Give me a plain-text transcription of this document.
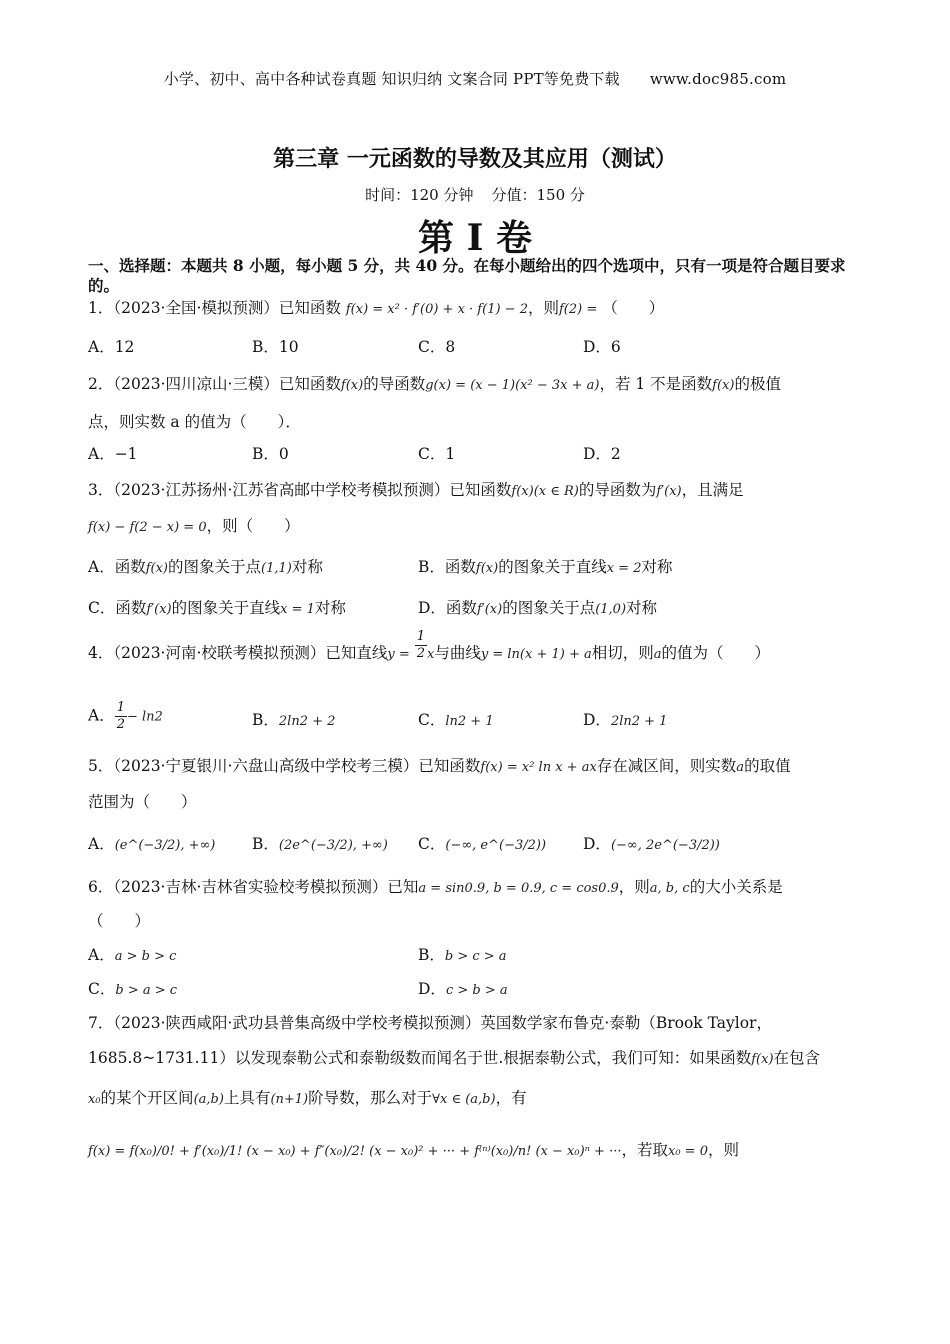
小学、初中、高中各种试卷真题 知识归纳 文案合同 PPT等免费下载 www.doc985.com
第三章 一元函数的导数及其应用（测试）
时间：120 分钟 分值：150 分
第 I 卷
一、选择题：本题共 8 小题，每小题 5 分，共 40 分。在每小题给出的四个选项中，只有一项是符合题目要求的。
1．（2023·全国·模拟预测）已知函数 f(x) = x² · f′(0) + x · f(1) − 2，则f(2) = （　　）
A．12	B．10	C．8	D．6
2．（2023·四川凉山·三模）已知函数f(x)的导函数g(x) = (x − 1)(x² − 3x + a)，若 1 不是函数f(x)的极值
点，则实数 a 的值为（　　）．
A．−1	B．0	C．1	D．2
3．（2023·江苏扬州·江苏省高邮中学校考模拟预测）已知函数f(x)(x ∈ R)的导函数为f′(x)，且满足
f(x) − f(2 − x) = 0，则（　　）
A．函数f(x)的图象关于点(1,1)对称	B．函数f(x)的图象关于直线x = 2对称
C．函数f′(x)的图象关于直线x = 1对称	D．函数f′(x)的图象关于点(1,0)对称
4．（2023·河南·校联考模拟预测）已知直线$y = \frac{1}{2}$ x与曲线y = ln(x + 1) + a相切，则a的值为（　　）
A． $\frac{1}{2} - \ln 2$	B．2ln2 + 2	C．ln2 + 1	D．2ln2 + 1
5．（2023·宁夏银川·六盘山高级中学校考三模）已知函数f(x) = x² ln x + ax存在减区间，则实数a的取值
范围为（　　）
A．(e^(−3/2), +∞) B．(2e^(−3/2), +∞) C．(−∞, e^(−3/2)) D．(−∞, 2e^(−3/2))
6．（2023·吉林·吉林省实验校考模拟预测）已知a = sin0.9, b = 0.9, c = cos0.9，则a, b, c的大小关系是
（　　）
A．a > b > c	B．b > c > a
C．b > a > c	D．c > b > a
7．（2023·陕西咸阳·武功县普集高级中学校考模拟预测）英国数学家布鲁克·泰勒（Brook Taylor，
1685.8~1731.11）以发现泰勒公式和泰勒级数而闻名于世.根据泰勒公式，我们可知：如果函数f(x)在包含
x₀的某个开区间(a,b)上具有(n+1)阶导数，那么对于∀x ∈ (a,b)，有
f(x) = f(x₀)/0! + f′(x₀)/1! (x − x₀) + f″(x₀)/2! (x − x₀)² + ··· + f⁽ⁿ⁾(x₀)/n! (x − x₀)ⁿ + ···，若取x₀ = 0，则
